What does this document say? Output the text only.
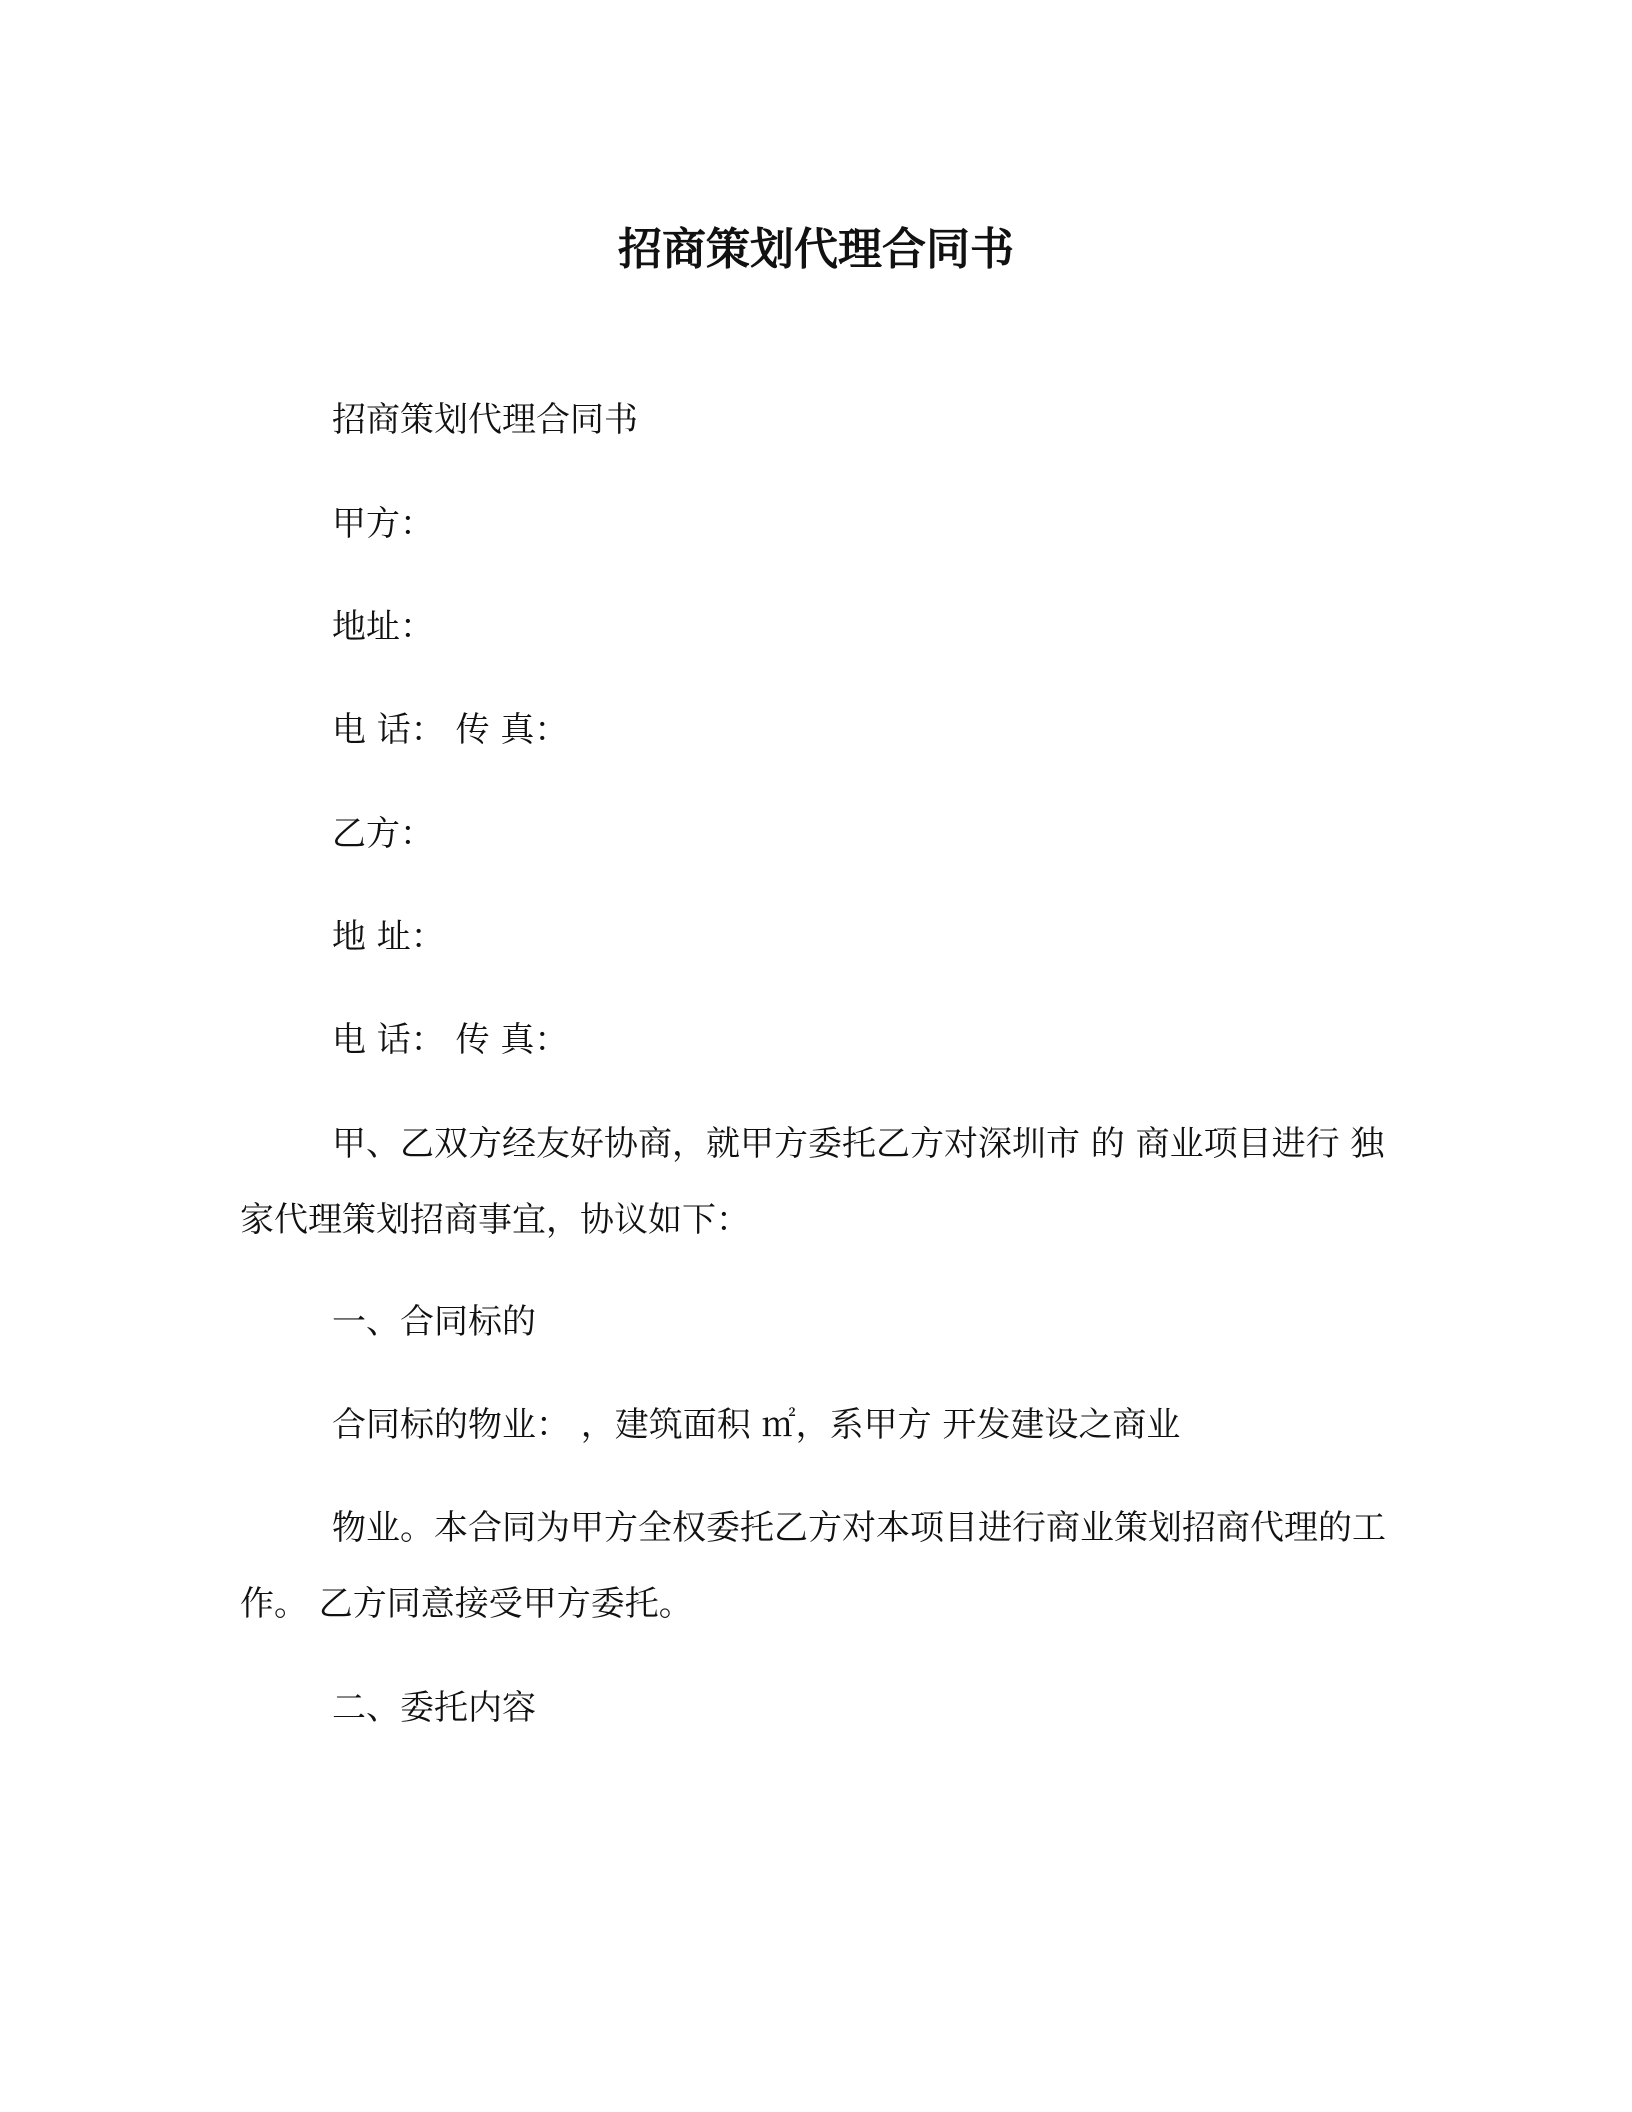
招商策划代理合同书

招商策划代理合同书

甲方：

地址：

电 话： 传 真：

乙方：

地 址：

电 话： 传 真：

甲、乙双方经友好协商，就甲方委托乙方对深圳市 的 商业项目进行 独家代理策划招商事宜，协议如下：

一、合同标的

合同标的物业： ，建筑面积 ㎡，系甲方 开发建设之商业

物业。本合同为甲方全权委托乙方对本项目进行商业策划招商代理的工作。 乙方同意接受甲方委托。

二、委托内容
